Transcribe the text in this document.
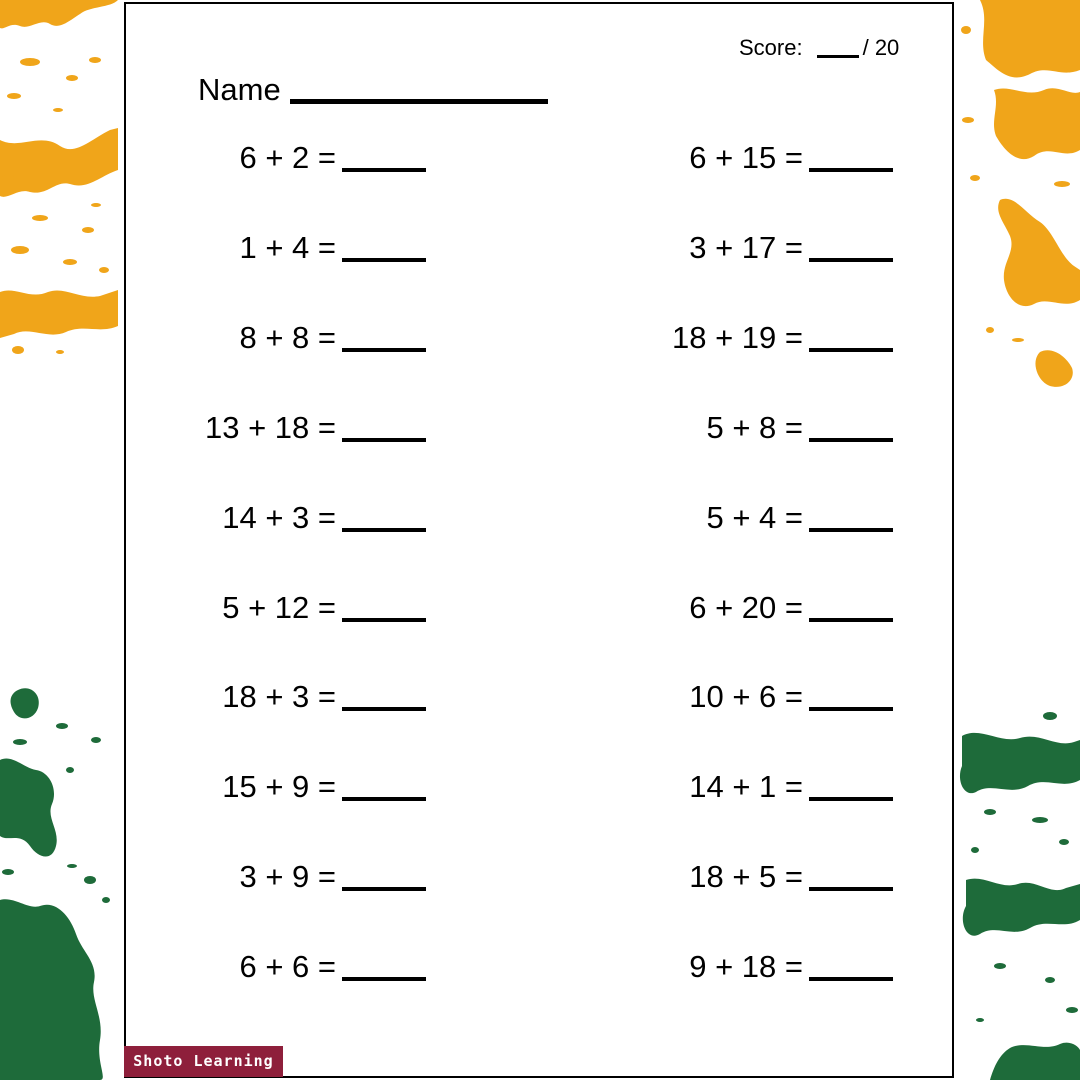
Score:	/ 20
Name
6 + 2 =
1 + 4 =
8 + 8 =
13 + 18 =
14 + 3 =
5 + 12 =
18 + 3 =
15 + 9 =
3 + 9 =
6 + 6 =
6 + 15 =
3 + 17 =
18 + 19 =
5 + 8 =
5 + 4 =
6 + 20 =
10 + 6 =
14 + 1 =
18 + 5 =
9 + 18 =
Shoto Learning
